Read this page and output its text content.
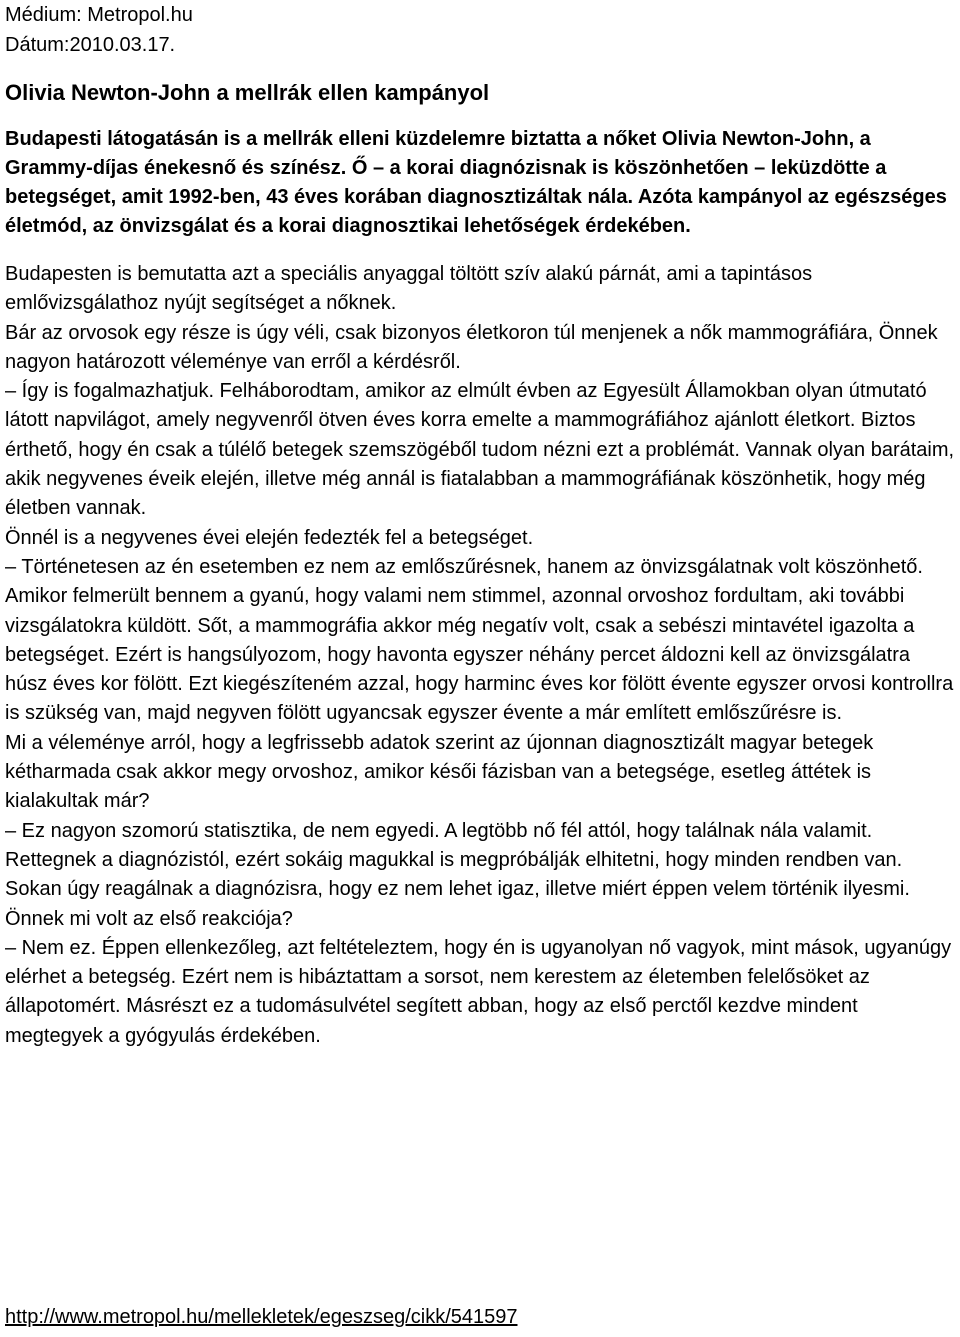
Médium: Metropol.hu

Dátum:2010.03.17.

Olivia Newton-John a mellrák ellen kampányol

Budapesti látogatásán is a mellrák elleni küzdelemre biztatta a nőket Olivia Newton-John, a Grammy-díjas énekesnő és színész. Ő – a korai diagnózisnak is köszönhetően – leküzdötte a betegséget, amit 1992-ben, 43 éves korában diagnosztizáltak nála. Azóta kampányol az egészséges életmód, az önvizsgálat és a korai diagnosztikai lehetőségek érdekében.

Budapesten is bemutatta azt a speciális anyaggal töltött szív alakú párnát, ami a tapintásos emlővizsgálathoz nyújt segítséget a nőknek.

Bár az orvosok egy része is úgy véli, csak bizonyos életkoron túl menjenek a nők mammográfiára, Önnek nagyon határozott véleménye van erről a kérdésről.

– Így is fogalmazhatjuk. Felháborodtam, amikor az elmúlt évben az Egyesült Államokban olyan útmutató látott napvilágot, amely negyvenről ötven éves korra emelte a mammográfiához ajánlott életkort. Biztos érthető, hogy én csak a túlélő betegek szemszögéből tudom nézni ezt a problémát. Vannak olyan barátaim, akik negyvenes éveik elején, illetve még annál is fiatalabban a mammográfiának köszönhetik, hogy még életben vannak.

Önnél is a negyvenes évei elején fedezték fel a betegséget.

– Történetesen az én esetemben ez nem az emlőszűrésnek, hanem az önvizsgálatnak volt köszönhető. Amikor felmerült bennem a gyanú, hogy valami nem stimmel, azonnal orvoshoz fordultam, aki további vizsgálatokra küldött. Sőt, a mammográfia akkor még negatív volt, csak a sebészi mintavétel igazolta a betegséget. Ezért is hangsúlyozom, hogy havonta egyszer néhány percet áldozni kell az önvizsgálatra húsz éves kor fölött. Ezt kiegészíteném azzal, hogy harminc éves kor fölött évente egyszer orvosi kontrollra is szükség van, majd negyven fölött ugyancsak egyszer évente a már említett emlőszűrésre is.

Mi a véleménye arról, hogy a legfrissebb adatok szerint az újonnan diagnosztizált magyar betegek kétharmada csak akkor megy orvoshoz, amikor késői fázisban van a betegsége, esetleg áttétek is kialakultak már?

– Ez nagyon szomorú statisztika, de nem egyedi. A legtöbb nő fél attól, hogy találnak nála valamit. Rettegnek a diagnózistól, ezért sokáig magukkal is megpróbálják elhitetni, hogy minden rendben van.

Sokan úgy reagálnak a diagnózisra, hogy ez nem lehet igaz, illetve miért éppen velem történik ilyesmi. Önnek mi volt az első reakciója?

– Nem ez. Éppen ellenkezőleg, azt feltételeztem, hogy én is ugyanolyan nő vagyok, mint mások, ugyanúgy elérhet a betegség. Ezért nem is hibáztattam a sorsot, nem kerestem az életemben felelősöket az állapotomért. Másrészt ez a tudomásulvétel segített abban, hogy az első perctől kezdve mindent megtegyek a gyógyulás érdekében.

http://www.metropol.hu/mellekletek/egeszseg/cikk/541597
